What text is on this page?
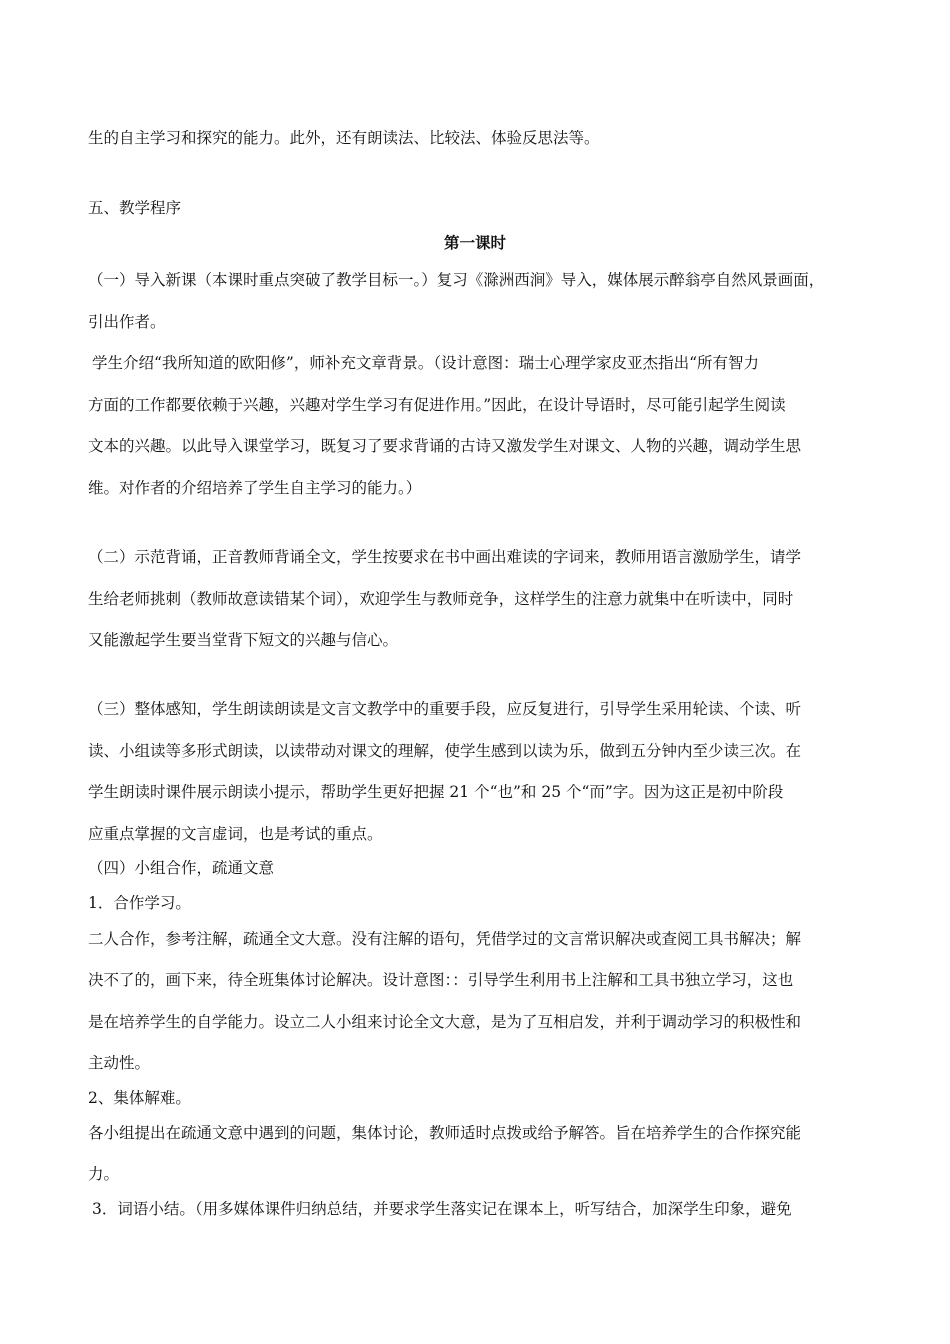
生的自主学习和探究的能力。此外，还有朗读法、比较法、体验反思法等。
五、教学程序
第一课时
（一）导入新课（本课时重点突破了教学目标一。）复习《滁洲西涧》导入，媒体展示醉翁亭自然风景画面，
引出作者。
学生介绍“我所知道的欧阳修”，师补充文章背景。（设计意图：瑞士心理学家皮亚杰指出“所有智力
方面的工作都要依赖于兴趣，兴趣对学生学习有促进作用。”因此，在设计导语时，尽可能引起学生阅读
文本的兴趣。以此导入课堂学习，既复习了要求背诵的古诗又激发学生对课文、人物的兴趣，调动学生思
维。对作者的介绍培养了学生自主学习的能力。）
（二）示范背诵，正音教师背诵全文，学生按要求在书中画出难读的字词来，教师用语言激励学生，请学
生给老师挑刺（教师故意读错某个词），欢迎学生与教师竞争，这样学生的注意力就集中在听读中，同时
又能激起学生要当堂背下短文的兴趣与信心。
（三）整体感知，学生朗读朗读是文言文教学中的重要手段，应反复进行，引导学生采用轮读、个读、听
读、小组读等多形式朗读，以读带动对课文的理解，使学生感到以读为乐，做到五分钟内至少读三次。在
学生朗读时课件展示朗读小提示，帮助学生更好把握 21 个“也”和 25 个“而”字。因为这正是初中阶段
应重点掌握的文言虚词，也是考试的重点。
（四）小组合作，疏通文意
1．合作学习。
二人合作，参考注解，疏通全文大意。没有注解的语句，凭借学过的文言常识解决或查阅工具书解决；解
决不了的，画下来，待全班集体讨论解决。设计意图：：引导学生利用书上注解和工具书独立学习，这也
是在培养学生的自学能力。设立二人小组来讨论全文大意，是为了互相启发，并利于调动学习的积极性和
主动性。
2、集体解难。
各小组提出在疏通文意中遇到的问题，集体讨论，教师适时点拨或给予解答。旨在培养学生的合作探究能
力。
3．词语小结。（用多媒体课件归纳总结，并要求学生落实记在课本上，听写结合，加深学生印象，避免
